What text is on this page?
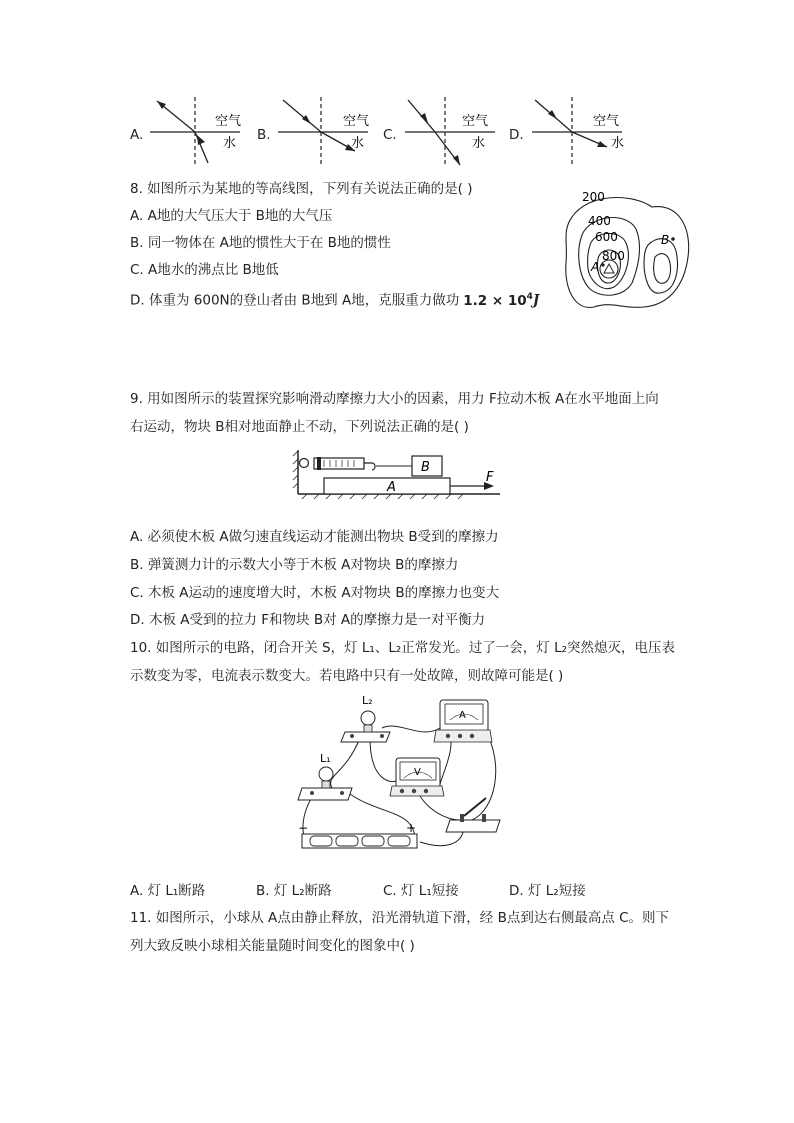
A.
空气
水
B.
空气
水
C.
空气
水
D.
空气
水
8. 如图所示为某地的等高线图，下列有关说法正确的是( )
A. A地的大气压大于 B地的大气压
B. 同一物体在 A地的惯性大于在 B地的惯性
C. A地水的沸点比 B地低
D. 体重为 600N的登山者由 B地到 A地，克服重力做功 $1.2 \times 10^4J$
200
400
600
800
A
B
9. 用如图所示的装置探究影响滑动摩擦力大小的因素，用力 F拉动木板 A在水平地面上向
右运动，物块 B相对地面静止不动，下列说法正确的是( )
B
A
F
A. 必须使木板 A做匀速直线运动才能测出物块 B受到的摩擦力
B. 弹簧测力计的示数大小等于木板 A对物块 B的摩擦力
C. 木板 A运动的速度增大时，木板 A对物块 B的摩擦力也变大
D. 木板 A受到的拉力 F和物块 B对 A的摩擦力是一对平衡力
10. 如图所示的电路，闭合开关 S，灯 L₁、L₂正常发光。过了一会，灯 L₂突然熄灭，电压表
示数变为零，电流表示数变大。若电路中只有一处故障，则故障可能是( )
L₂
L₁
A
V
−	+
A. 灯 L₁断路	B. 灯 L₂断路	C. 灯 L₁短接	D. 灯 L₂短接
11. 如图所示，小球从 A点由静止释放，沿光滑轨道下滑，经 B点到达右侧最高点 C。则下
列大致反映小球相关能量随时间变化的图象中( )
